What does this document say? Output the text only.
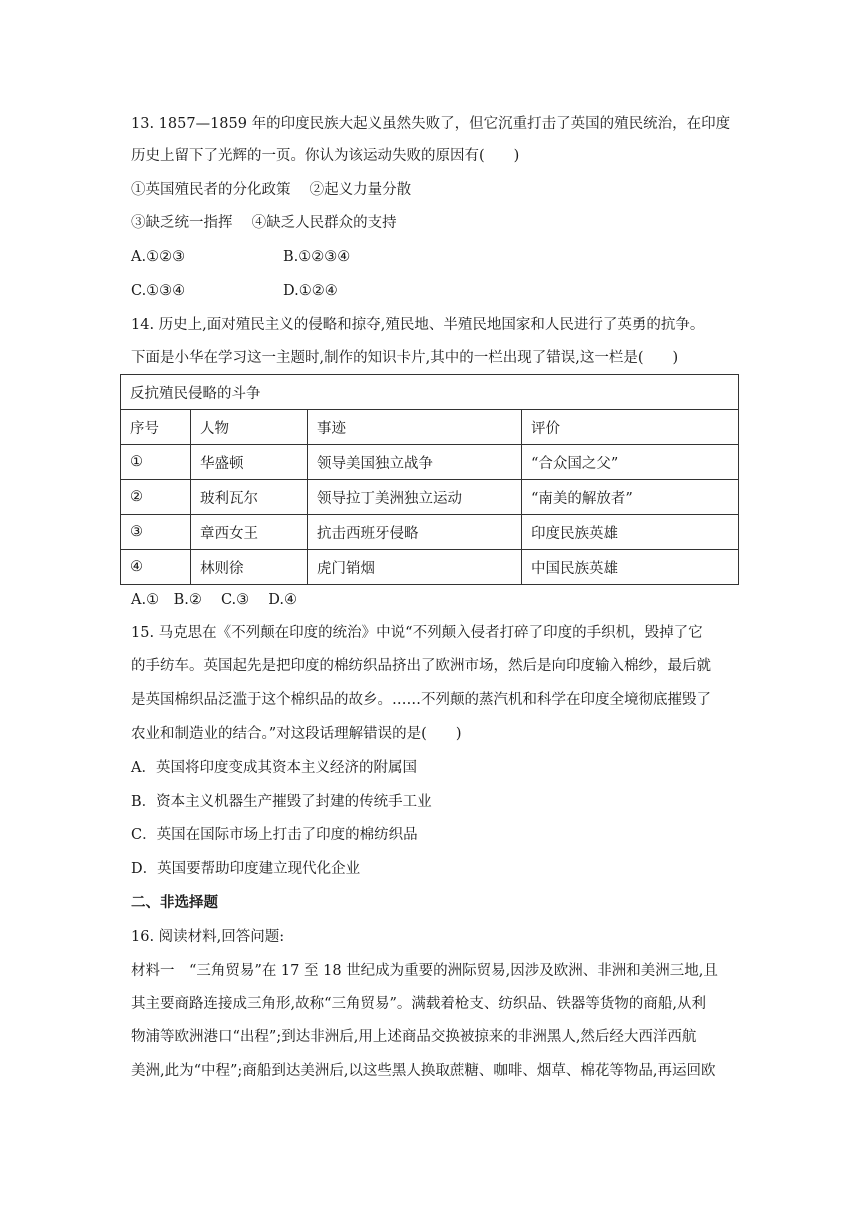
13. 1857—1859 年的印度民族大起义虽然失败了，但它沉重打击了英国的殖民统治，在印度
历史上留下了光辉的一页。你认为该运动失败的原因有(　　)
①英国殖民者的分化政策　 ②起义力量分散
③缺乏统一指挥　 ④缺乏人民群众的支持
A.①②③	B.①②③④
C.①③④	D.①②④
14. 历史上,面对殖民主义的侵略和掠夺,殖民地、半殖民地国家和人民进行了英勇的抗争。
下面是小华在学习这一主题时,制作的知识卡片,其中的一栏出现了错误,这一栏是(　　)
反抗殖民侵略的斗争			
序号	人物	事迹	评价
①	华盛顿	领导美国独立战争	“合众国之父”
②	玻利瓦尔	领导拉丁美洲独立运动	“南美的解放者”
③	章西女王	抗击西班牙侵略	印度民族英雄
④	林则徐	虎门销烟	中国民族英雄
A.①　B.②　 C.③　 D.④
15. 马克思在《不列颠在印度的统治》中说“不列颠入侵者打碎了印度的手织机，毁掉了它
的手纺车。英国起先是把印度的棉纺织品挤出了欧洲市场，然后是向印度输入棉纱，最后就
是英国棉织品泛滥于这个棉织品的故乡。……不列颠的蒸汽机和科学在印度全境彻底摧毁了
农业和制造业的结合。”对这段话理解错误的是(　　)
A．英国将印度变成其资本主义经济的附属国
B．资本主义机器生产摧毁了封建的传统手工业
C．英国在国际市场上打击了印度的棉纺织品
D．英国要帮助印度建立现代化企业
二、非选择题
16. 阅读材料,回答问题:
材料一　“三角贸易”在 17 至 18 世纪成为重要的洲际贸易,因涉及欧洲、非洲和美洲三地,且
其主要商路连接成三角形,故称“三角贸易”。满载着枪支、纺织品、铁器等货物的商船,从利
物浦等欧洲港口“出程”;到达非洲后,用上述商品交换被掠来的非洲黑人,然后经大西洋西航
美洲,此为“中程”;商船到达美洲后,以这些黑人换取蔗糖、咖啡、烟草、棉花等物品,再运回欧
